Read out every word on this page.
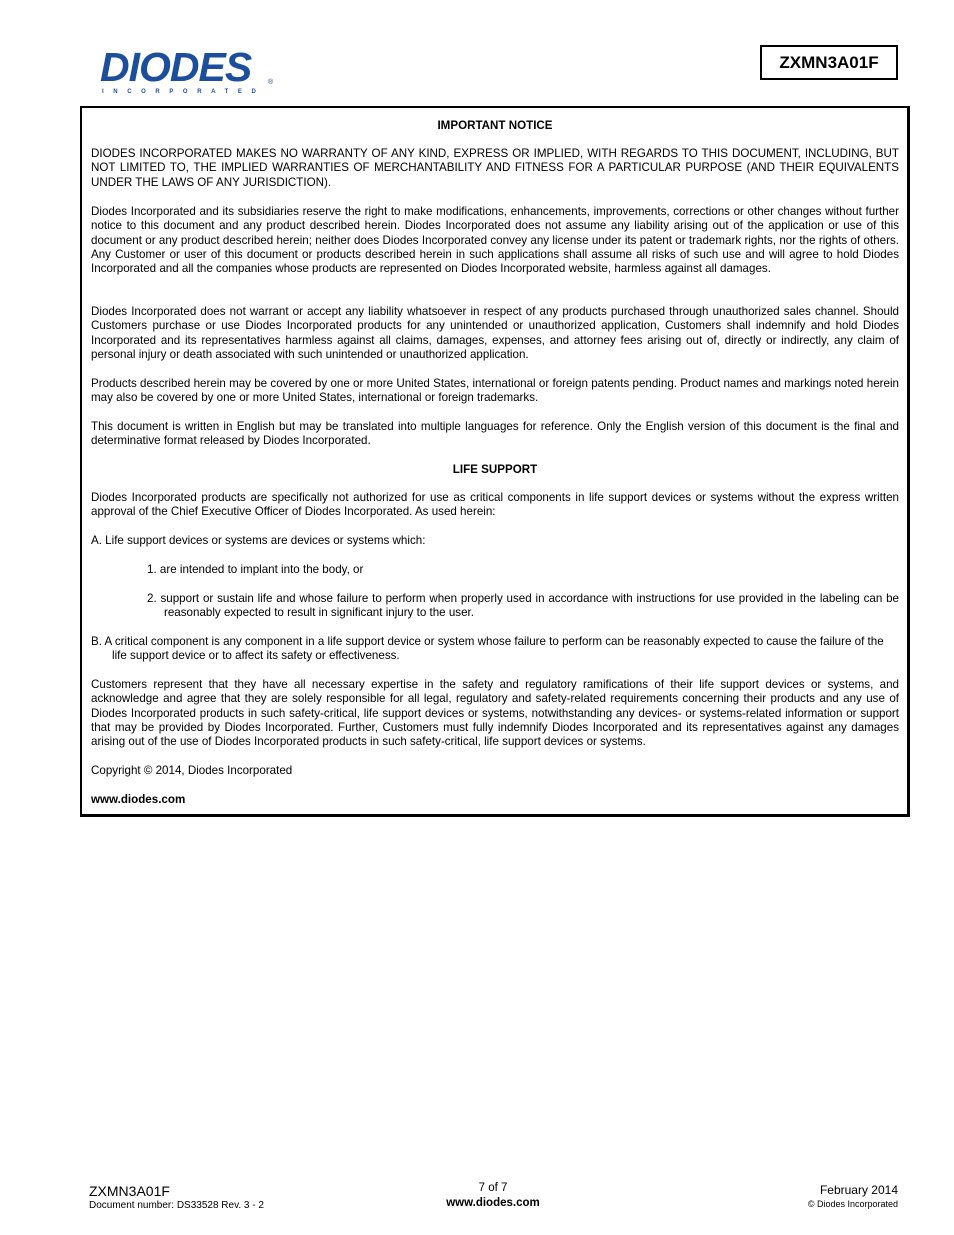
DIODES ®
INCORPORATED
ZXMN3A01F
IMPORTANT NOTICE
DIODES INCORPORATED MAKES NO WARRANTY OF ANY KIND, EXPRESS OR IMPLIED, WITH REGARDS TO THIS DOCUMENT, INCLUDING, BUT NOT LIMITED TO, THE IMPLIED WARRANTIES OF MERCHANTABILITY AND FITNESS FOR A PARTICULAR PURPOSE (AND THEIR EQUIVALENTS UNDER THE LAWS OF ANY JURISDICTION).
Diodes Incorporated and its subsidiaries reserve the right to make modifications, enhancements, improvements, corrections or other changes without further notice to this document and any product described herein. Diodes Incorporated does not assume any liability arising out of the application or use of this document or any product described herein; neither does Diodes Incorporated convey any license under its patent or trademark rights, nor the rights of others. Any Customer or user of this document or products described herein in such applications shall assume all risks of such use and will agree to hold Diodes Incorporated and all the companies whose products are represented on Diodes Incorporated website, harmless against all damages.
Diodes Incorporated does not warrant or accept any liability whatsoever in respect of any products purchased through unauthorized sales channel. Should Customers purchase or use Diodes Incorporated products for any unintended or unauthorized application, Customers shall indemnify and hold Diodes Incorporated and its representatives harmless against all claims, damages, expenses, and attorney fees arising out of, directly or indirectly, any claim of personal injury or death associated with such unintended or unauthorized application.
Products described herein may be covered by one or more United States, international or foreign patents pending. Product names and markings noted herein may also be covered by one or more United States, international or foreign trademarks.
This document is written in English but may be translated into multiple languages for reference. Only the English version of this document is the final and determinative format released by Diodes Incorporated.
LIFE SUPPORT
Diodes Incorporated products are specifically not authorized for use as critical components in life support devices or systems without the express written approval of the Chief Executive Officer of Diodes Incorporated. As used herein:
A. Life support devices or systems are devices or systems which:
1. are intended to implant into the body, or
2. support or sustain life and whose failure to perform when properly used in accordance with instructions for use provided in the labeling can be reasonably expected to result in significant injury to the user.
B. A critical component is any component in a life support device or system whose failure to perform can be reasonably expected to cause the failure of the life support device or to affect its safety or effectiveness.
Customers represent that they have all necessary expertise in the safety and regulatory ramifications of their life support devices or systems, and acknowledge and agree that they are solely responsible for all legal, regulatory and safety-related requirements concerning their products and any use of Diodes Incorporated products in such safety-critical, life support devices or systems, notwithstanding any devices- or systems-related information or support that may be provided by Diodes Incorporated. Further, Customers must fully indemnify Diodes Incorporated and its representatives against any damages arising out of the use of Diodes Incorporated products in such safety-critical, life support devices or systems.
Copyright © 2014, Diodes Incorporated
www.diodes.com
ZXMN3A01F
Document number: DS33528 Rev. 3 - 2
7 of 7
www.diodes.com
February 2014
© Diodes Incorporated
